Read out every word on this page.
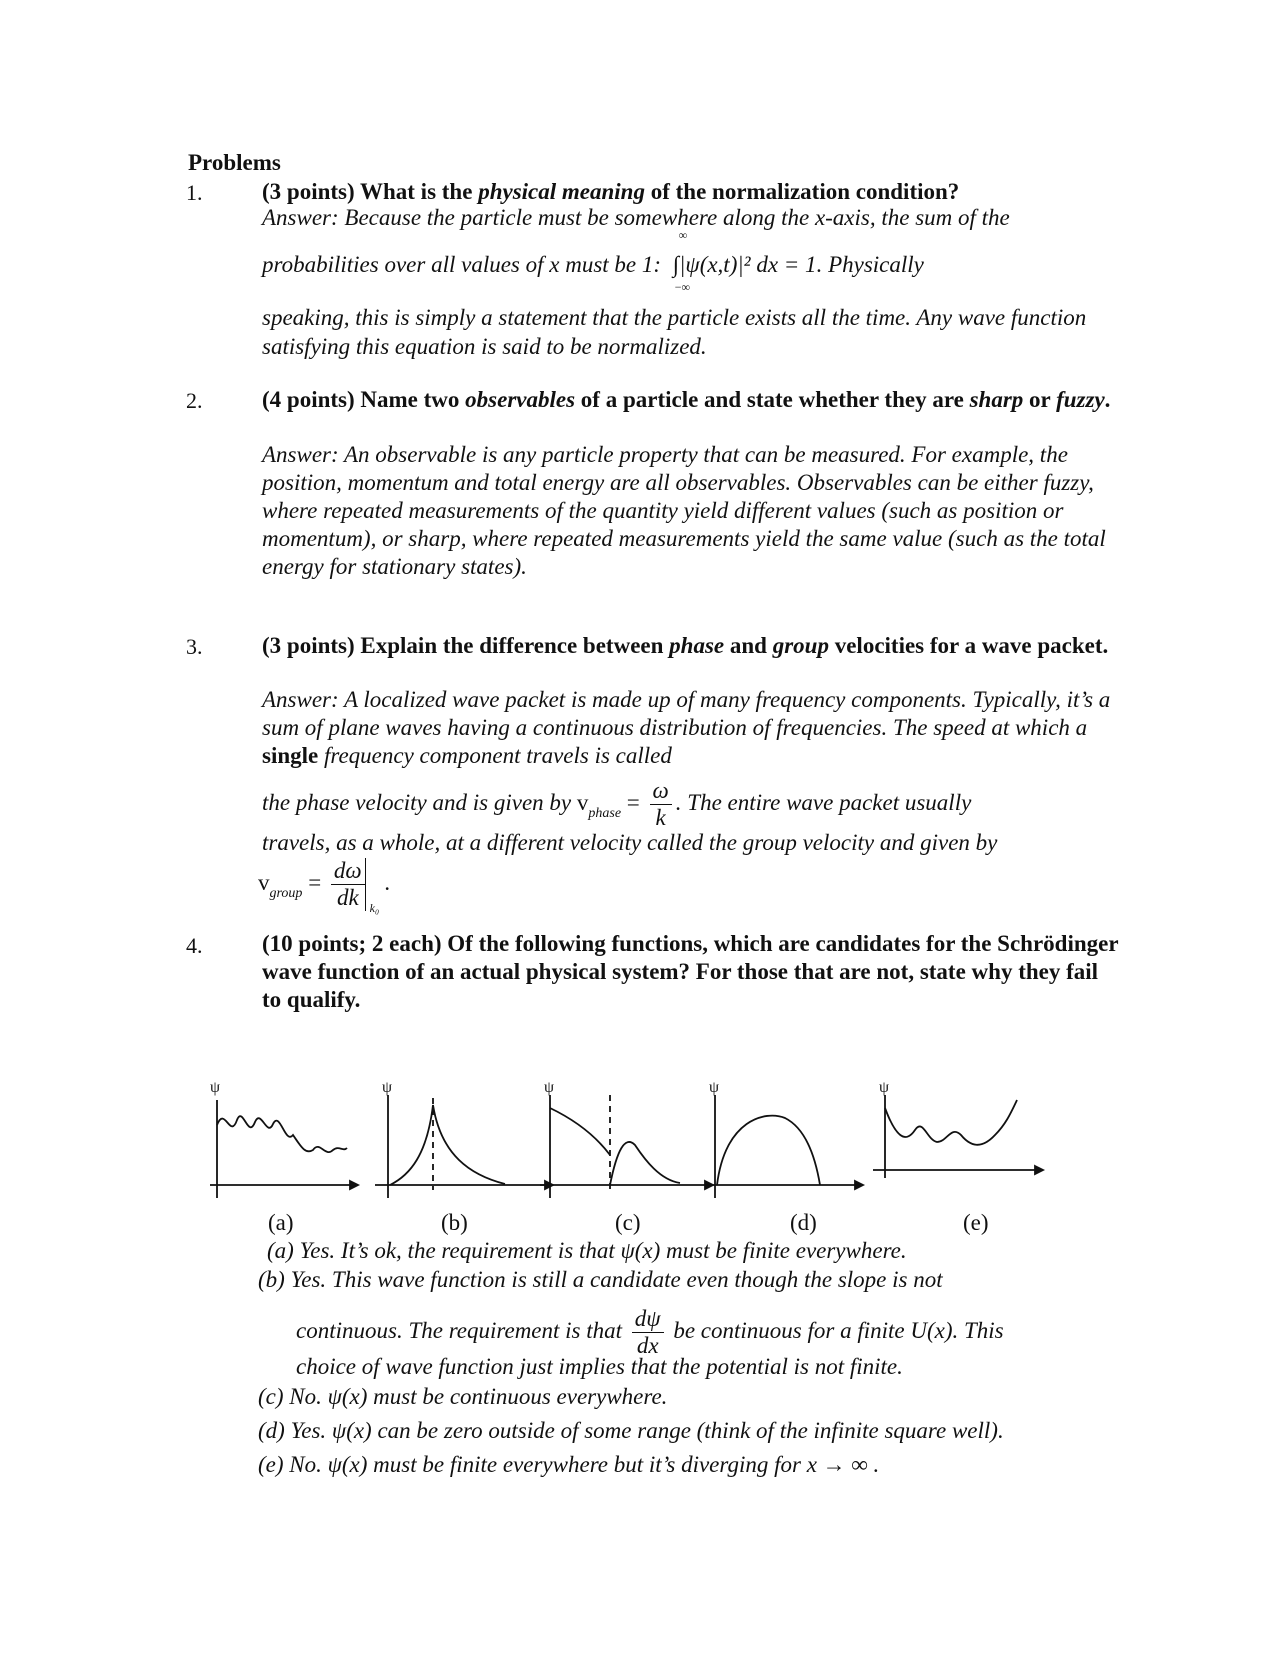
Problems
1.	(3 points) What is the physical meaning of the normalization condition?
Answer: Because the particle must be somewhere along the x-axis, the sum of the
probabilities over all values of x must be 1:
∞
∫|ψ(x,t)|² dx = 1
−∞
. Physically
speaking, this is simply a statement that the particle exists all the time. Any wave function satisfying this equation is said to be normalized.
2.	(4 points) Name two observables of a particle and state whether they are sharp or fuzzy.
Answer: An observable is any particle property that can be measured. For example, the position, momentum and total energy are all observables. Observables can be either fuzzy, where repeated measurements of the quantity yield different values (such as position or momentum), or sharp, where repeated measurements yield the same value (such as the total energy for stationary states).
3.	(3 points) Explain the difference between phase and group velocities for a wave packet.
Answer: A localized wave packet is made up of many frequency components. Typically, it’s a sum of plane waves having a continuous distribution of frequencies. The speed at which a single frequency component travels is called
the phase velocity and is given by $v_{phase} = \frac{\omega}{k}$ . The entire wave packet usually
travels, as a whole, at a different velocity called the group velocity and given by
$v_{group} = \frac{d\omega}{dk} _{k_0}$ .
4.	(10 points; 2 each) Of the following functions, which are candidates for the Schrödinger wave function of an actual physical system? For those that are not, state why they fail to qualify.
ψ	ψ	ψ	ψ	ψ
(a)	(b)	(c)	(d)	(e)
(a) Yes. It’s ok, the requirement is that ψ(x) must be finite everywhere.
(b) Yes. This wave function is still a candidate even though the slope is not
continuous. The requirement is that $\frac{d\psi}{dx}$ be continuous for a finite U(x). This
choice of wave function just implies that the potential is not finite.
(c) No. ψ(x) must be continuous everywhere.
(d) Yes. ψ(x) can be zero outside of some range (think of the infinite square well).
(e) No. ψ(x) must be finite everywhere but it’s diverging for x → ∞ .
